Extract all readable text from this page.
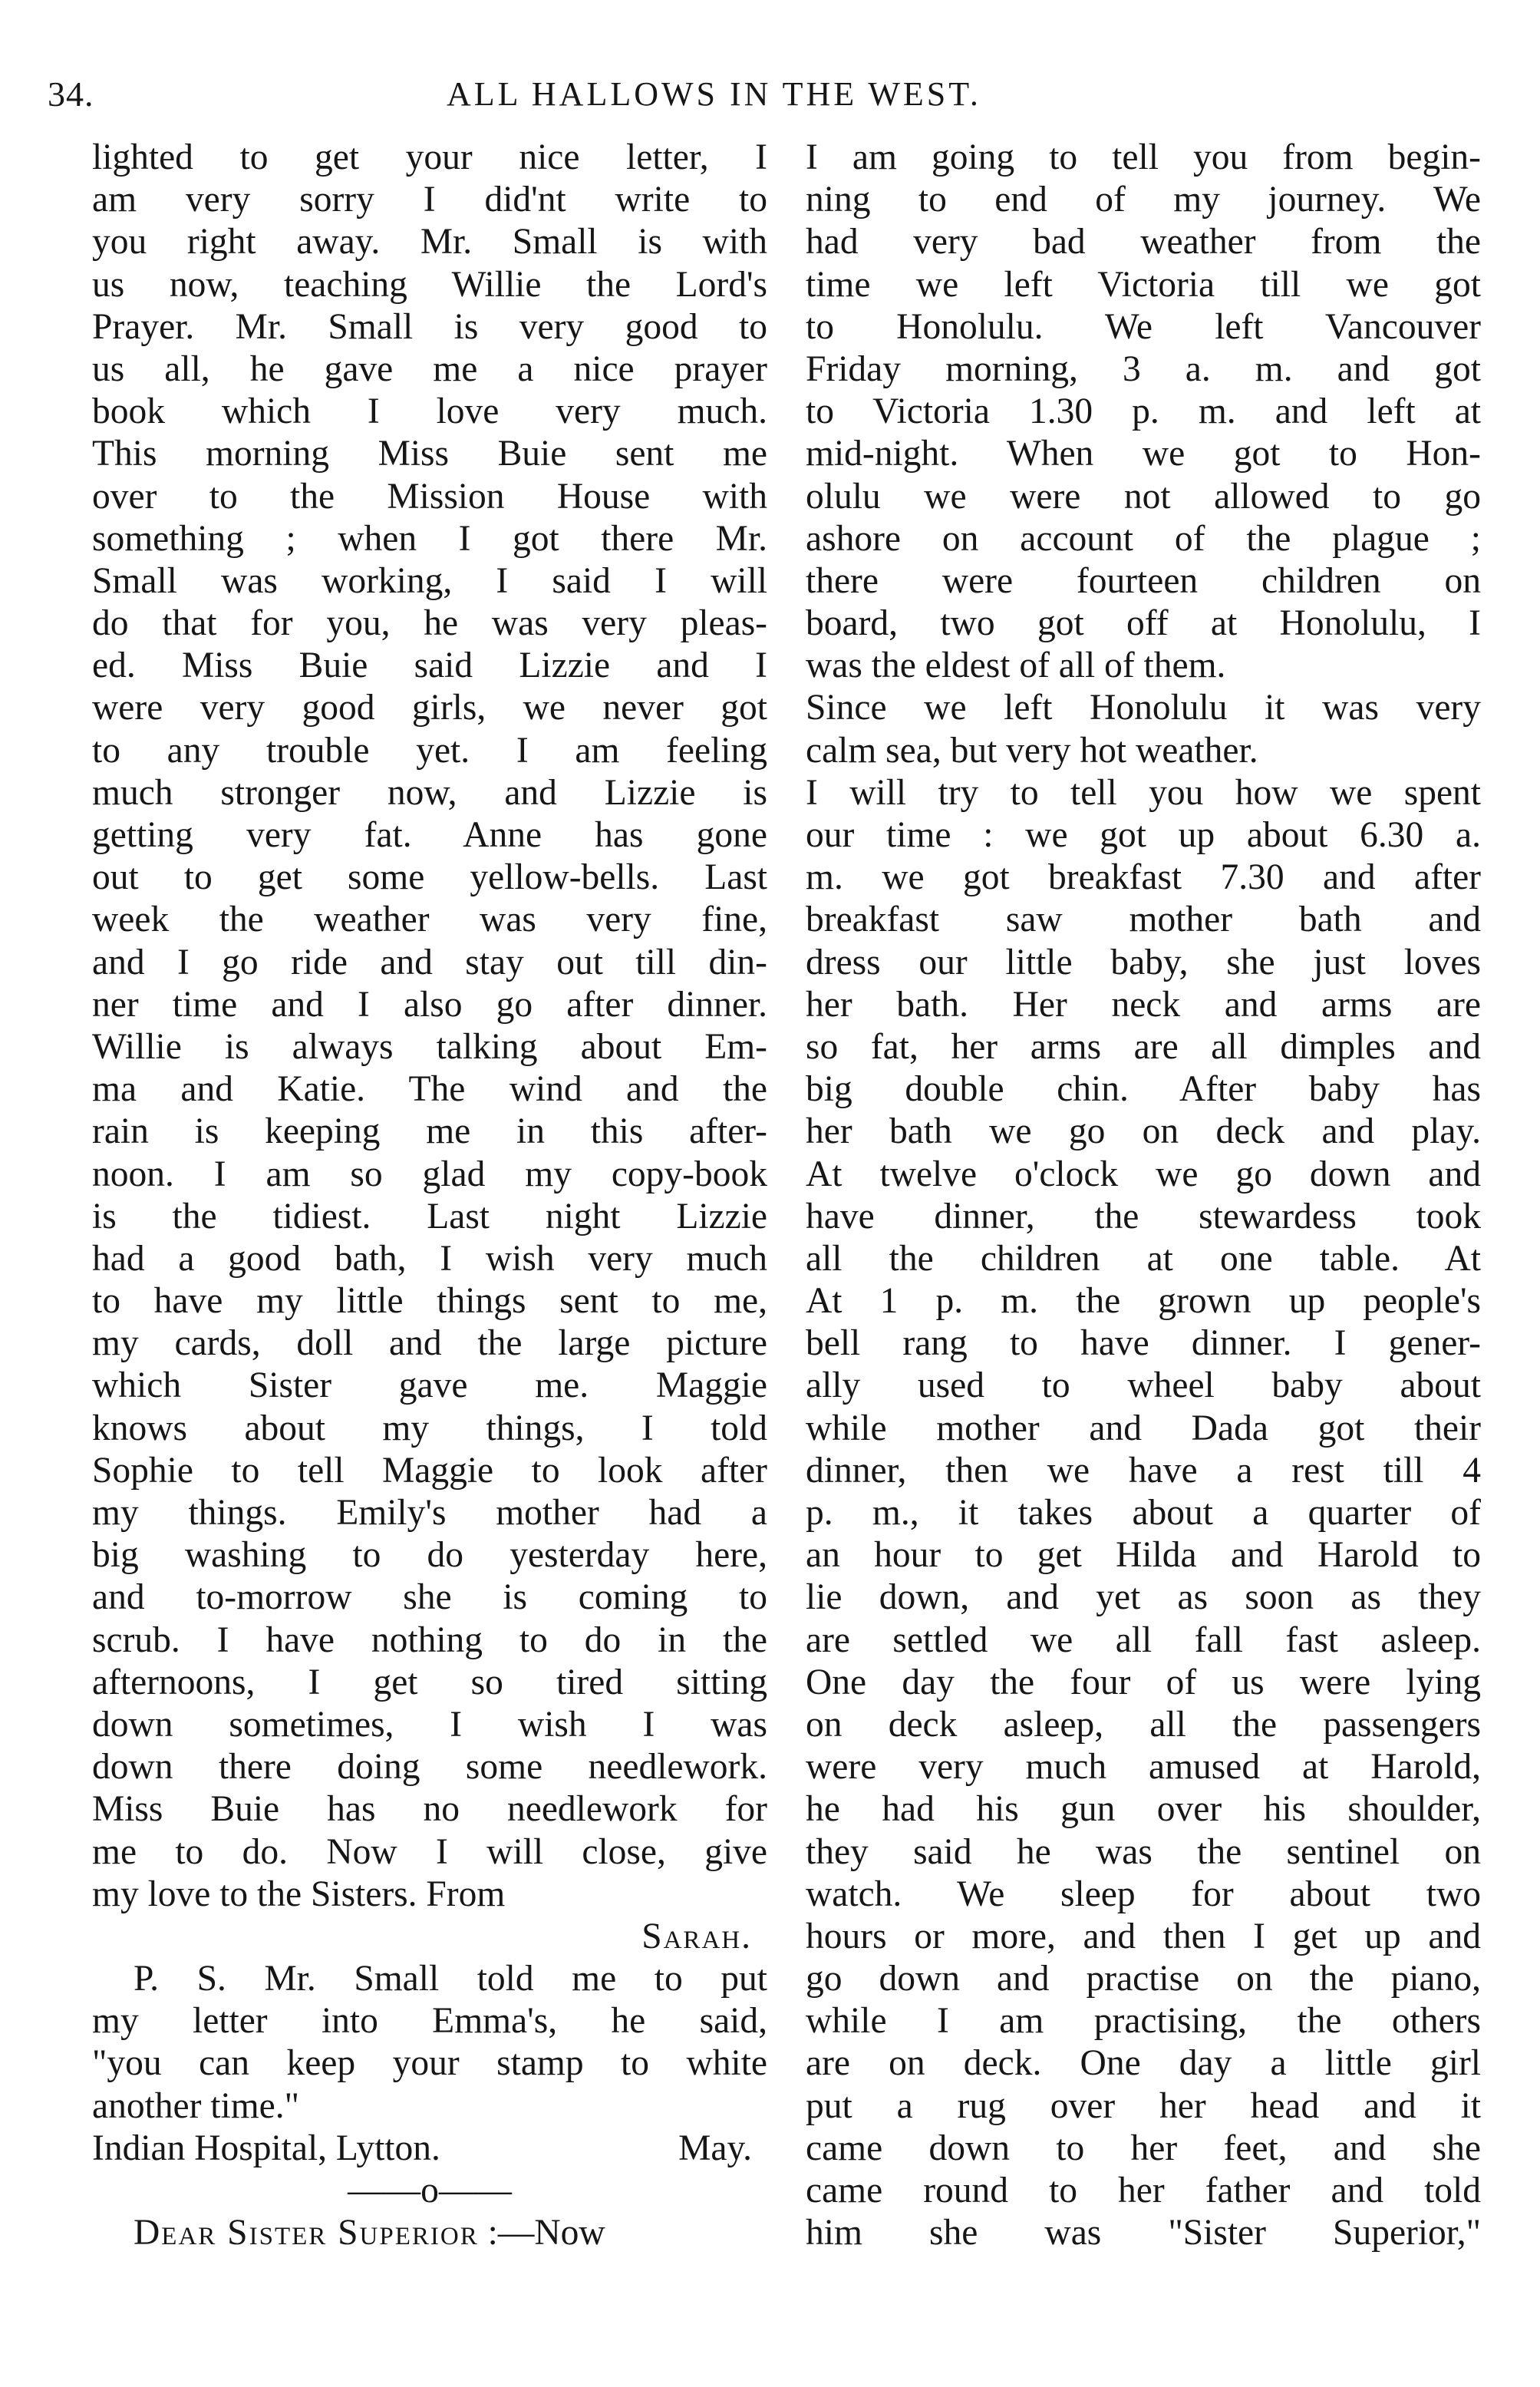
34.	ALL HALLOWS IN THE WEST.
lighted to get your nice letter, I
am very sorry I did'nt write to
you right away. Mr. Small is with
us now, teaching Willie the Lord's
Prayer. Mr. Small is very good to
us all, he gave me a nice prayer
book which I love very much.
This morning Miss Buie sent me
over to the Mission House with
something ; when I got there Mr.
Small was working, I said I will
do that for you, he was very pleas-
ed. Miss Buie said Lizzie and I
were very good girls, we never got
to any trouble yet. I am feeling
much stronger now, and Lizzie is
getting very fat. Anne has gone
out to get some yellow-bells. Last
week the weather was very fine,
and I go ride and stay out till din-
ner time and I also go after dinner.
Willie is always talking about Em-
ma and Katie. The wind and the
rain is keeping me in this after-
noon. I am so glad my copy-book
is the tidiest. Last night Lizzie
had a good bath, I wish very much
to have my little things sent to me,
my cards, doll and the large picture
which Sister gave me. Maggie
knows about my things, I told
Sophie to tell Maggie to look after
my things. Emily's mother had a
big washing to do yesterday here,
and to-morrow she is coming to
scrub. I have nothing to do in the
afternoons, I get so tired sitting
down sometimes, I wish I was
down there doing some needlework.
Miss Buie has no needlework for
me to do. Now I will close, give
my love to the Sisters. From
Sarah.
P. S. Mr. Small told me to put
my letter into Emma's, he said,
"you can keep your stamp to white
another time."
Indian Hospital, Lytton.	May.
——o——
Dear Sister Superior :—Now
I am going to tell you from begin-
ning to end of my journey. We
had very bad weather from the
time we left Victoria till we got
to Honolulu. We left Vancouver
Friday morning, 3 a. m. and got
to Victoria 1.30 p. m. and left at
mid-night. When we got to Hon-
olulu we were not allowed to go
ashore on account of the plague ;
there were fourteen children on
board, two got off at Honolulu, I
was the eldest of all of them.
Since we left Honolulu it was very
calm sea, but very hot weather.
I will try to tell you how we spent
our time : we got up about 6.30 a.
m. we got breakfast 7.30 and after
breakfast saw mother bath and
dress our little baby, she just loves
her bath. Her neck and arms are
so fat, her arms are all dimples and
big double chin. After baby has
her bath we go on deck and play.
At twelve o'clock we go down and
have dinner, the stewardess took
all the children at one table. At
At 1 p. m. the grown up people's
bell rang to have dinner. I gener-
ally used to wheel baby about
while mother and Dada got their
dinner, then we have a rest till 4
p. m., it takes about a quarter of
an hour to get Hilda and Harold to
lie down, and yet as soon as they
are settled we all fall fast asleep.
One day the four of us were lying
on deck asleep, all the passengers
were very much amused at Harold,
he had his gun over his shoulder,
they said he was the sentinel on
watch. We sleep for about two
hours or more, and then I get up and
go down and practise on the piano,
while I am practising, the others
are on deck. One day a little girl
put a rug over her head and it
came down to her feet, and she
came round to her father and told
him she was "Sister Superior,"
